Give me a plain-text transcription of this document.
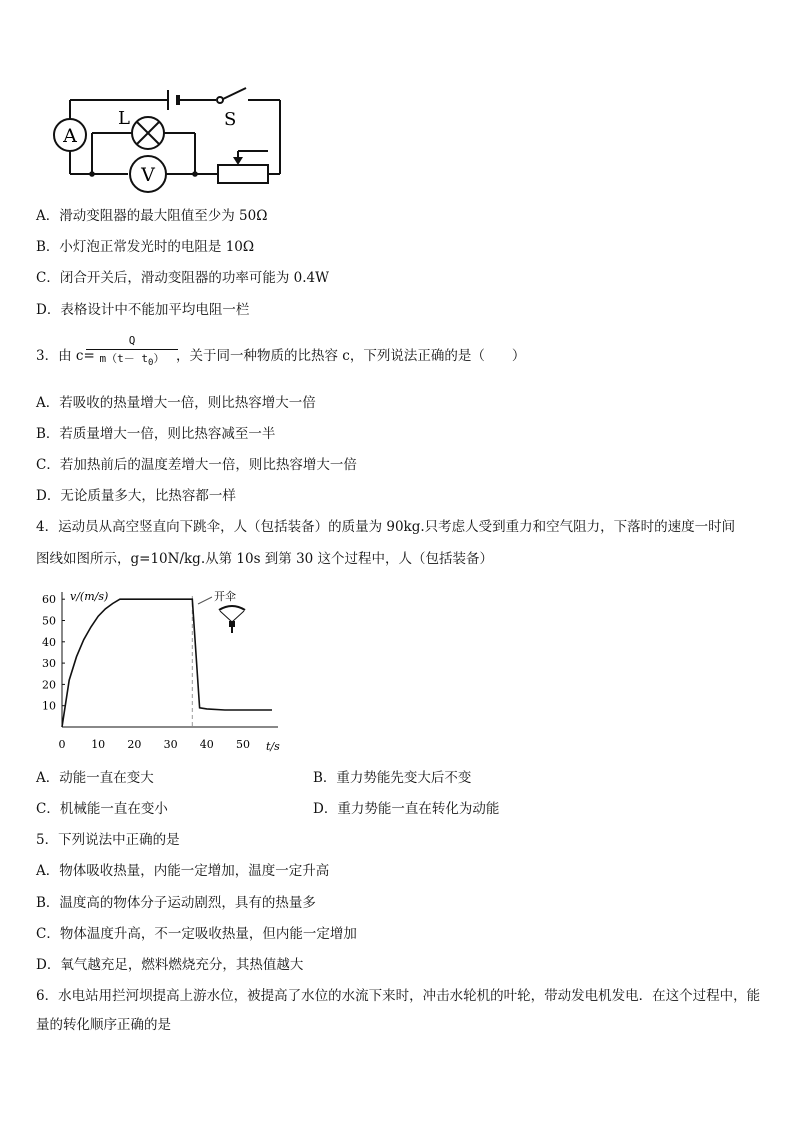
A
L
V
S
A．滑动变阻器的最大阻值至少为 50Ω
B．小灯泡正常发光时的电阻是 10Ω
C．闭合开关后，滑动变阻器的功率可能为 0.4W
D．表格设计中不能加平均电阻一栏
3．由 c=
Q
$m(t- t_0)$ ，关于同一种物质的比热容 c，下列说法正确的是（　　）
A．若吸收的热量增大一倍，则比热容增大一倍
B．若质量增大一倍，则比热容减至一半
C．若加热前后的温度差增大一倍，则比热容增大一倍
D．无论质量多大，比热容都一样
4．运动员从高空竖直向下跳伞，人（包括装备）的质量为 90kg.只考虑人受到重力和空气阻力，下落时的速度一时间
图线如图所示，g=10N/kg.从第 10s 到第 30 这个过程中，人（包括装备）
v/(m/s)
t/s
0 10 20 30 40 50
10
20
30
40
50
60	开伞
A．动能一直在变大	B．重力势能先变大后不变
C．机械能一直在变小	D．重力势能一直在转化为动能
5．下列说法中正确的是
A．物体吸收热量，内能一定增加，温度一定升高
B．温度高的物体分子运动剧烈，具有的热量多
C．物体温度升高，不一定吸收热量，但内能一定增加
D．氧气越充足，燃料燃烧充分，其热值越大
6．水电站用拦河坝提高上游水位，被提高了水位的水流下来时，冲击水轮机的叶轮，带动发电机发电．在这个过程中，能量的转化顺序正确的是
